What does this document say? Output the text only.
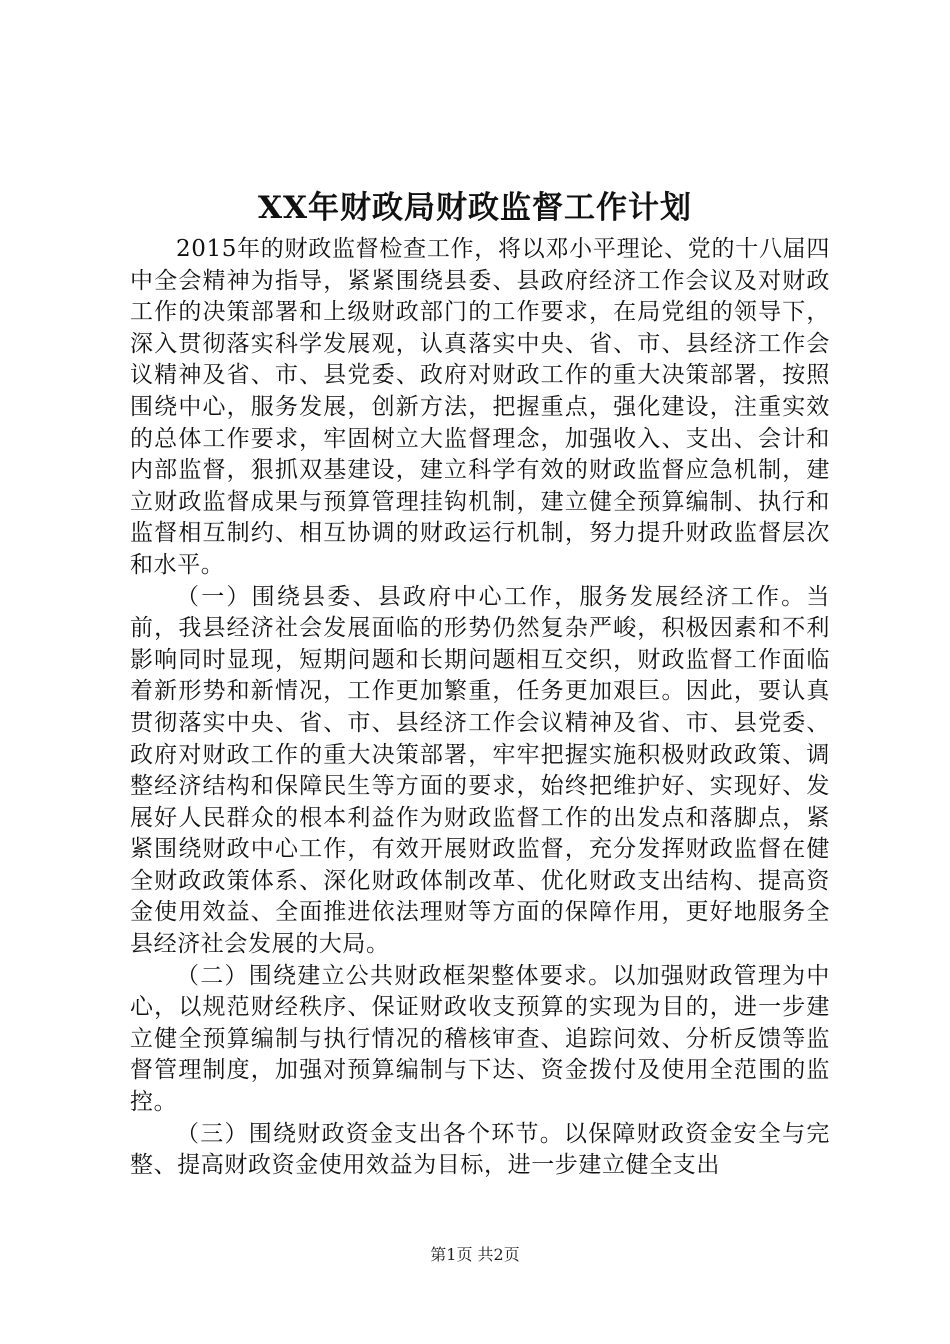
XX年财政局财政监督工作计划

2015年的财政监督检查工作，将以邓小平理论、党的十八届四中全会精神为指导，紧紧围绕县委、县政府经济工作会议及对财政工作的决策部署和上级财政部门的工作要求，在局党组的领导下，深入贯彻落实科学发展观，认真落实中央、省、市、县经济工作会议精神及省、市、县党委、政府对财政工作的重大决策部署，按照围绕中心，服务发展，创新方法，把握重点，强化建设，注重实效的总体工作要求，牢固树立大监督理念，加强收入、支出、会计和内部监督，狠抓双基建设，建立科学有效的财政监督应急机制，建立财政监督成果与预算管理挂钩机制，建立健全预算编制、执行和监督相互制约、相互协调的财政运行机制，努力提升财政监督层次和水平。

（一）围绕县委、县政府中心工作，服务发展经济工作。当前，我县经济社会发展面临的形势仍然复杂严峻，积极因素和不利影响同时显现，短期问题和长期问题相互交织，财政监督工作面临着新形势和新情况，工作更加繁重，任务更加艰巨。因此，要认真贯彻落实中央、省、市、县经济工作会议精神及省、市、县党委、政府对财政工作的重大决策部署，牢牢把握实施积极财政政策、调整经济结构和保障民生等方面的要求，始终把维护好、实现好、发展好人民群众的根本利益作为财政监督工作的出发点和落脚点，紧紧围绕财政中心工作，有效开展财政监督，充分发挥财政监督在健全财政政策体系、深化财政体制改革、优化财政支出结构、提高资金使用效益、全面推进依法理财等方面的保障作用，更好地服务全县经济社会发展的大局。

（二）围绕建立公共财政框架整体要求。以加强财政管理为中心，以规范财经秩序、保证财政收支预算的实现为目的，进一步建立健全预算编制与执行情况的稽核审查、追踪问效、分析反馈等监督管理制度，加强对预算编制与下达、资金拨付及使用全范围的监控。

（三）围绕财政资金支出各个环节。以保障财政资金安全与完整、提高财政资金使用效益为目标，进一步建立健全支出

第1页 共2页
